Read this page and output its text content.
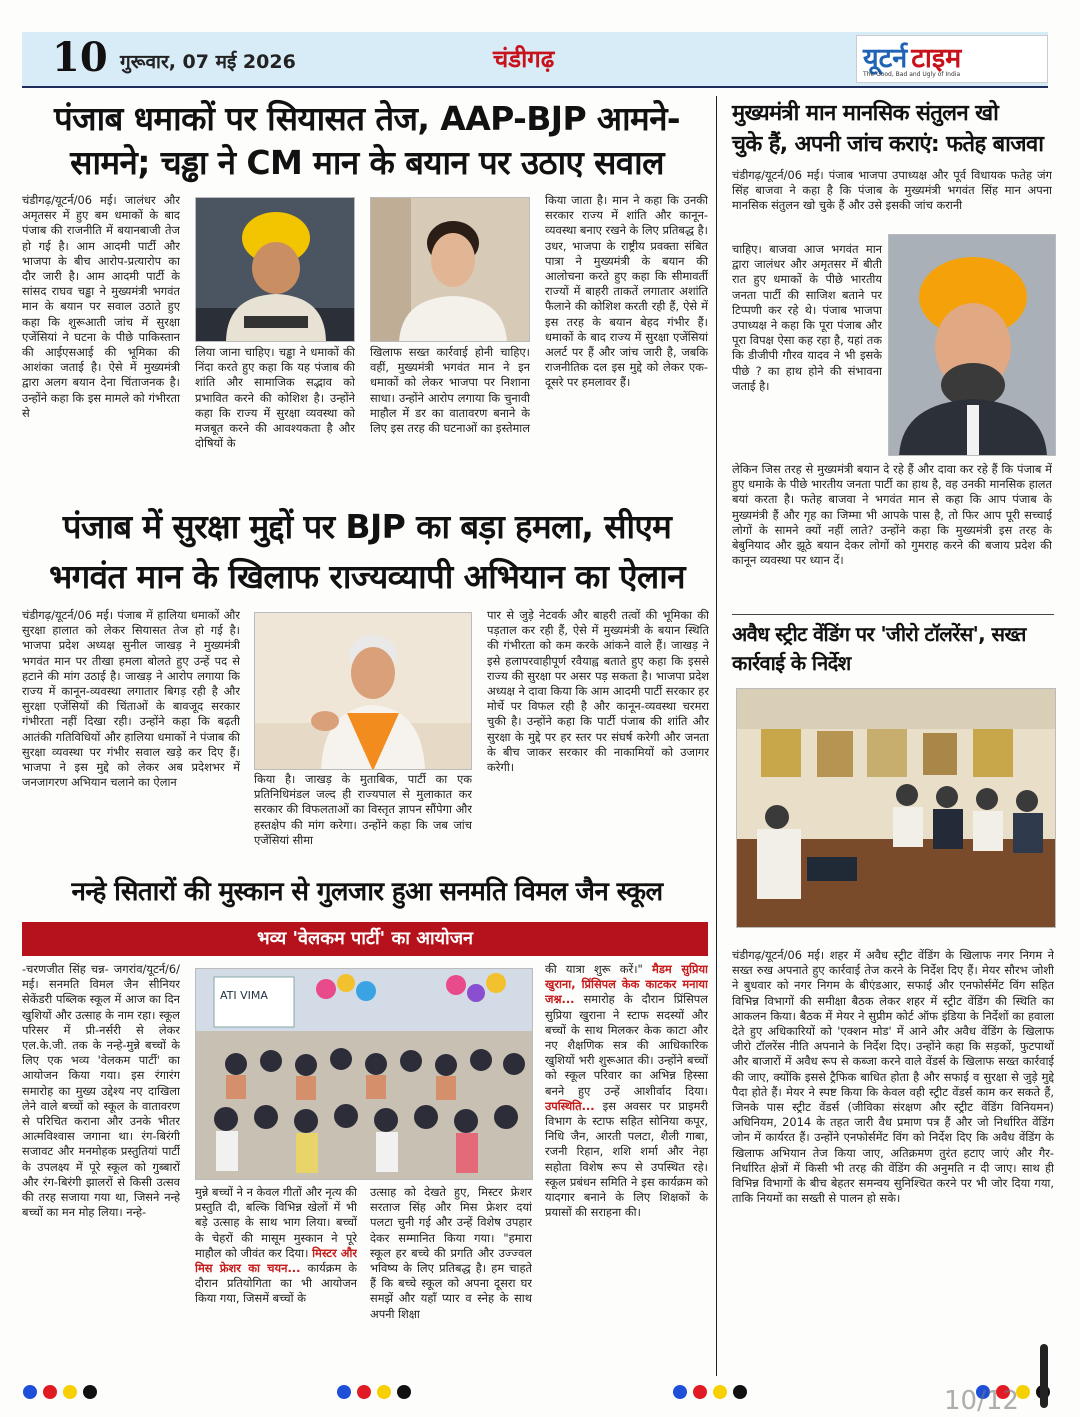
10 गुरूवार, 07 मई 2026	चंडीगढ़	यूटर्न टाइम
The Good, Bad and Ugly of India
पंजाब धमाकों पर सियासत तेज, AAP-BJP आमने-
सामने; चड्ढा ने CM मान के बयान पर उठाए सवाल
चंडीगढ़/यूटर्न/06 मई। जालंधर और अमृतसर में हुए बम धमाकों के बाद पंजाब की राजनीति में बयानबाजी तेज हो गई है। आम आदमी पार्टी और भाजपा के बीच आरोप-प्रत्यारोप का दौर जारी है। आम आदमी पार्टी के सांसद राघव चड्ढा ने मुख्यमंत्री भगवंत मान के बयान पर सवाल उठाते हुए कहा कि शुरूआती जांच में सुरक्षा एजेंसियां ने घटना के पीछे पाकिस्तान की आईएसआई की भूमिका की आशंका जताई है। ऐसे में मुख्यमंत्री द्वारा अलग बयान देना चिंताजनक है। उन्होंने कहा कि इस मामले को गंभीरता से
लिया जाना चाहिए। चड्ढा ने धमाकों की निंदा करते हुए कहा कि यह पंजाब की शांति और सामाजिक सद्भाव को प्रभावित करने की कोशिश है। उन्होंने कहा कि राज्य में सुरक्षा व्यवस्था को मजबूत करने की आवश्यकता है और दोषियों के
खिलाफ सख्त कार्रवाई होनी चाहिए। वहीं, मुख्यमंत्री भगवंत मान ने इन धमाकों को लेकर भाजपा पर निशाना साधा। उन्होंने आरोप लगाया कि चुनावी माहौल में डर का वातावरण बनाने के लिए इस तरह की घटनाओं का इस्तेमाल
किया जाता है। मान ने कहा कि उनकी सरकार राज्य में शांति और कानून-व्यवस्था बनाए रखने के लिए प्रतिबद्ध है। उधर, भाजपा के राष्ट्रीय प्रवक्ता संबित पात्रा ने मुख्यमंत्री के बयान की आलोचना करते हुए कहा कि सीमावर्ती राज्यों में बाहरी ताकतें लगातार अशांति फैलाने की कोशिश करती रही हैं, ऐसे में इस तरह के बयान बेहद गंभीर हैं। धमाकों के बाद राज्य में सुरक्षा एजेंसियां अलर्ट पर हैं और जांच जारी है, जबकि राजनीतिक दल इस मुद्दे को लेकर एक-दूसरे पर हमलावर हैं।
पंजाब में सुरक्षा मुद्दों पर BJP का बड़ा हमला, सीएम
भगवंत मान के खिलाफ राज्यव्यापी अभियान का ऐलान
चंडीगढ़/यूटर्न/06 मई। पंजाब में हालिया धमाकों और सुरक्षा हालात को लेकर सियासत तेज हो गई है। भाजपा प्रदेश अध्यक्ष सुनील जाखड़ ने मुख्यमंत्री भगवंत मान पर तीखा हमला बोलते हुए उन्हें पद से हटाने की मांग उठाई है। जाखड़ ने आरोप लगाया कि राज्य में कानून-व्यवस्था लगातार बिगड़ रही है और सुरक्षा एजेंसियों की चिंताओं के बावजूद सरकार गंभीरता नहीं दिखा रही। उन्होंने कहा कि बढ़ती आतंकी गतिविधियों और हालिया धमाकों ने पंजाब की सुरक्षा व्यवस्था पर गंभीर सवाल खड़े कर दिए हैं। भाजपा ने इस मुद्दे को लेकर अब प्रदेशभर में जनजागरण अभियान चलाने का ऐलान	किया है। जाखड़ के मुताबिक, पार्टी का एक प्रतिनिधिमंडल जल्द ही राज्यपाल से मुलाकात कर सरकार की विफलताओं का विस्तृत ज्ञापन सौंपेगा और हस्तक्षेप की मांग करेगा। उन्होंने कहा कि जब जांच एजेंसियां सीमा
पार से जुड़े नेटवर्क और बाहरी तत्वों की भूमिका की पड़ताल कर रही हैं, ऐसे में मुख्यमंत्री के बयान स्थिति की गंभीरता को कम करके आंकने वाले हैं। जाखड़ ने इसे हलापरवाहीपूर्ण रवैयाह्व बताते हुए कहा कि इससे राज्य की सुरक्षा पर असर पड़ सकता है। भाजपा प्रदेश अध्यक्ष ने दावा किया कि आम आदमी पार्टी सरकार हर मोर्चे पर विफल रही है और कानून-व्यवस्था चरमरा चुकी है। उन्होंने कहा कि पार्टी पंजाब की शांति और सुरक्षा के मुद्दे पर हर स्तर पर संघर्ष करेगी और जनता के बीच जाकर सरकार की नाकामियों को उजागर करेगी।
नन्हे सितारों की मुस्कान से गुलजार हुआ सनमति विमल जैन स्कूल
भव्य 'वेलकम पार्टी' का आयोजन
-चरणजीत सिंह चन्न- जगरांव/यूटर्न/6/मई। सनमति विमल जैन सीनियर सेकेंडरी पब्लिक स्कूल में आज का दिन खुशियों और उत्साह के नाम रहा। स्कूल परिसर में प्री-नर्सरी से लेकर एल.के.जी. तक के नन्हे-मुन्ने बच्चों के लिए एक भव्य 'वेलकम पार्टी' का आयोजन किया गया। इस रंगारंग समारोह का मुख्य उद्देश्य नए दाखिला लेने वाले बच्चों को स्कूल के वातावरण से परिचित कराना और उनके भीतर आत्मविश्वास जगाना था। रंग-बिरंगी सजावट और मनमोहक प्रस्तुतियां पार्टी के उपलक्ष्य में पूरे स्कूल को गुब्बारों और रंग-बिरंगी झालरों से किसी उत्सव की तरह सजाया गया था, जिसने नन्हे बच्चों का मन मोह लिया। नन्हे-
ATI VIMA
मुन्ने बच्चों ने न केवल गीतों और नृत्य की प्रस्तुति दी, बल्कि विभिन्न खेलों में भी बड़े उत्साह के साथ भाग लिया। बच्चों के चेहरों की मासूम मुस्कान ने पूरे माहौल को जीवंत कर दिया। मिस्टर और मिस फ्रेशर का चयन... कार्यक्रम के दौरान प्रतियोगिता का भी आयोजन किया गया, जिसमें बच्चों के
उत्साह को देखते हुए, मिस्टर फ्रेशर सरताज सिंह और मिस फ्रेशर दयां पलटा चुनी गई और उन्हें विशेष उपहार देकर सम्मानित किया गया। "हमारा स्कूल हर बच्चे की प्रगति और उज्ज्वल भविष्य के लिए प्रतिबद्ध है। हम चाहते हैं कि बच्चे स्कूल को अपना दूसरा घर समझें और यहाँ प्यार व स्नेह के साथ अपनी शिक्षा
की यात्रा शुरू करें।" मैडम सुप्रिया खुराना, प्रिंसिपल केक काटकर मनाया जश्न... समारोह के दौरान प्रिंसिपल सुप्रिया खुराना ने स्टाफ सदस्यों और बच्चों के साथ मिलकर केक काटा और नए शैक्षणिक सत्र की आधिकारिक खुशियों भरी शुरूआत की। उन्होंने बच्चों को स्कूल परिवार का अभिन्न हिस्सा बनने हुए उन्हें आशीर्वाद दिया। उपस्थिति... इस अवसर पर प्राइमरी विभाग के स्टाफ सहित सोनिया कपूर, निधि जैन, आरती पलटा, शैली गाबा, रजनी रिहान, शशि शर्मा और नेहा सहोता विशेष रूप से उपस्थित रहे। स्कूल प्रबंधन समिति ने इस कार्यक्रम को यादगार बनाने के लिए शिक्षकों के प्रयासों की सराहना की।
मुख्यमंत्री मान मानसिक संतुलन खो
चुके हैं, अपनी जांच कराएं: फतेह बाजवा
चंडीगढ़/यूटर्न/06 मई। पंजाब भाजपा उपाध्यक्ष और पूर्व विधायक फतेह जंग सिंह बाजवा ने कहा है कि पंजाब के मुख्यमंत्री भगवंत सिंह मान अपना मानसिक संतुलन खो चुके हैं और उसे इसकी जांच करानी
चाहिए। बाजवा आज भगवंत मान द्वारा जालंधर और अमृतसर में बीती रात हुए धमाकों के पीछे भारतीय जनता पार्टी की साजिश बताने पर टिप्पणी कर रहे थे। पंजाब भाजपा उपाध्यक्ष ने कहा कि पूरा पंजाब और पूरा विपक्ष ऐसा कह रहा है, यहां तक कि डीजीपी गौरव यादव ने भी इसके पीछे ? का हाथ होने की संभावना जताई है।
लेकिन जिस तरह से मुख्यमंत्री बयान दे रहे हैं और दावा कर रहे हैं कि पंजाब में हुए धमाके के पीछे भारतीय जनता पार्टी का हाथ है, वह उनकी मानसिक हालत बयां करता है। फतेह बाजवा ने भगवंत मान से कहा कि आप पंजाब के मुख्यमंत्री हैं और गृह का जिम्मा भी आपके पास है, तो फिर आप पूरी सच्चाई लोगों के सामने क्यों नहीं लाते? उन्होंने कहा कि मुख्यमंत्री इस तरह के बेबुनियाद और झूठे बयान देकर लोगों को गुमराह करने की बजाय प्रदेश की कानून व्यवस्था पर ध्यान दें।
अवैध स्ट्रीट वेंडिंग पर 'जीरो टॉलरेंस', सख्त
कार्रवाई के निर्देश
चंडीगढ़/यूटर्न/06 मई। शहर में अवैध स्ट्रीट वेंडिंग के खिलाफ नगर निगम ने सख्त रुख अपनाते हुए कार्रवाई तेज करने के निर्देश दिए हैं। मेयर सौरभ जोशी ने बुधवार को नगर निगम के बीएंडआर, सफाई और एनफोर्समेंट विंग सहित विभिन्न विभागों की समीक्षा बैठक लेकर शहर में स्ट्रीट वेंडिंग की स्थिति का आकलन किया। बैठक में मेयर ने सुप्रीम कोर्ट ऑफ इंडिया के निर्देशों का हवाला देते हुए अधिकारियों को 'एक्शन मोड' में आने और अवैध वेंडिंग के खिलाफ जीरो टॉलरेंस नीति अपनाने के निर्देश दिए। उन्होंने कहा कि सड़कों, फुटपाथों और बाजारों में अवैध रूप से कब्जा करने वाले वेंडर्स के खिलाफ सख्त कार्रवाई की जाए, क्योंकि इससे ट्रैफिक बाधित होता है और सफाई व सुरक्षा से जुड़े मुद्दे पैदा होते हैं। मेयर ने स्पष्ट किया कि केवल वही स्ट्रीट वेंडर्स काम कर सकते हैं, जिनके पास स्ट्रीट वेंडर्स (जीविका संरक्षण और स्ट्रीट वेंडिंग विनियमन) अधिनियम, 2014 के तहत जारी वैध प्रमाण पत्र हैं और जो निर्धारित वेंडिंग जोन में कार्यरत हैं। उन्होंने एनफोर्समेंट विंग को निर्देश दिए कि अवैध वेंडिंग के खिलाफ अभियान तेज किया जाए, अतिक्रमण तुरंत हटाए जाएं और गैर-निर्धारित क्षेत्रों में किसी भी तरह की वेंडिंग की अनुमति न दी जाए। साथ ही विभिन्न विभागों के बीच बेहतर समन्वय सुनिश्चित करने पर भी जोर दिया गया, ताकि नियमों का सख्ती से पालन हो सके।
10/12
